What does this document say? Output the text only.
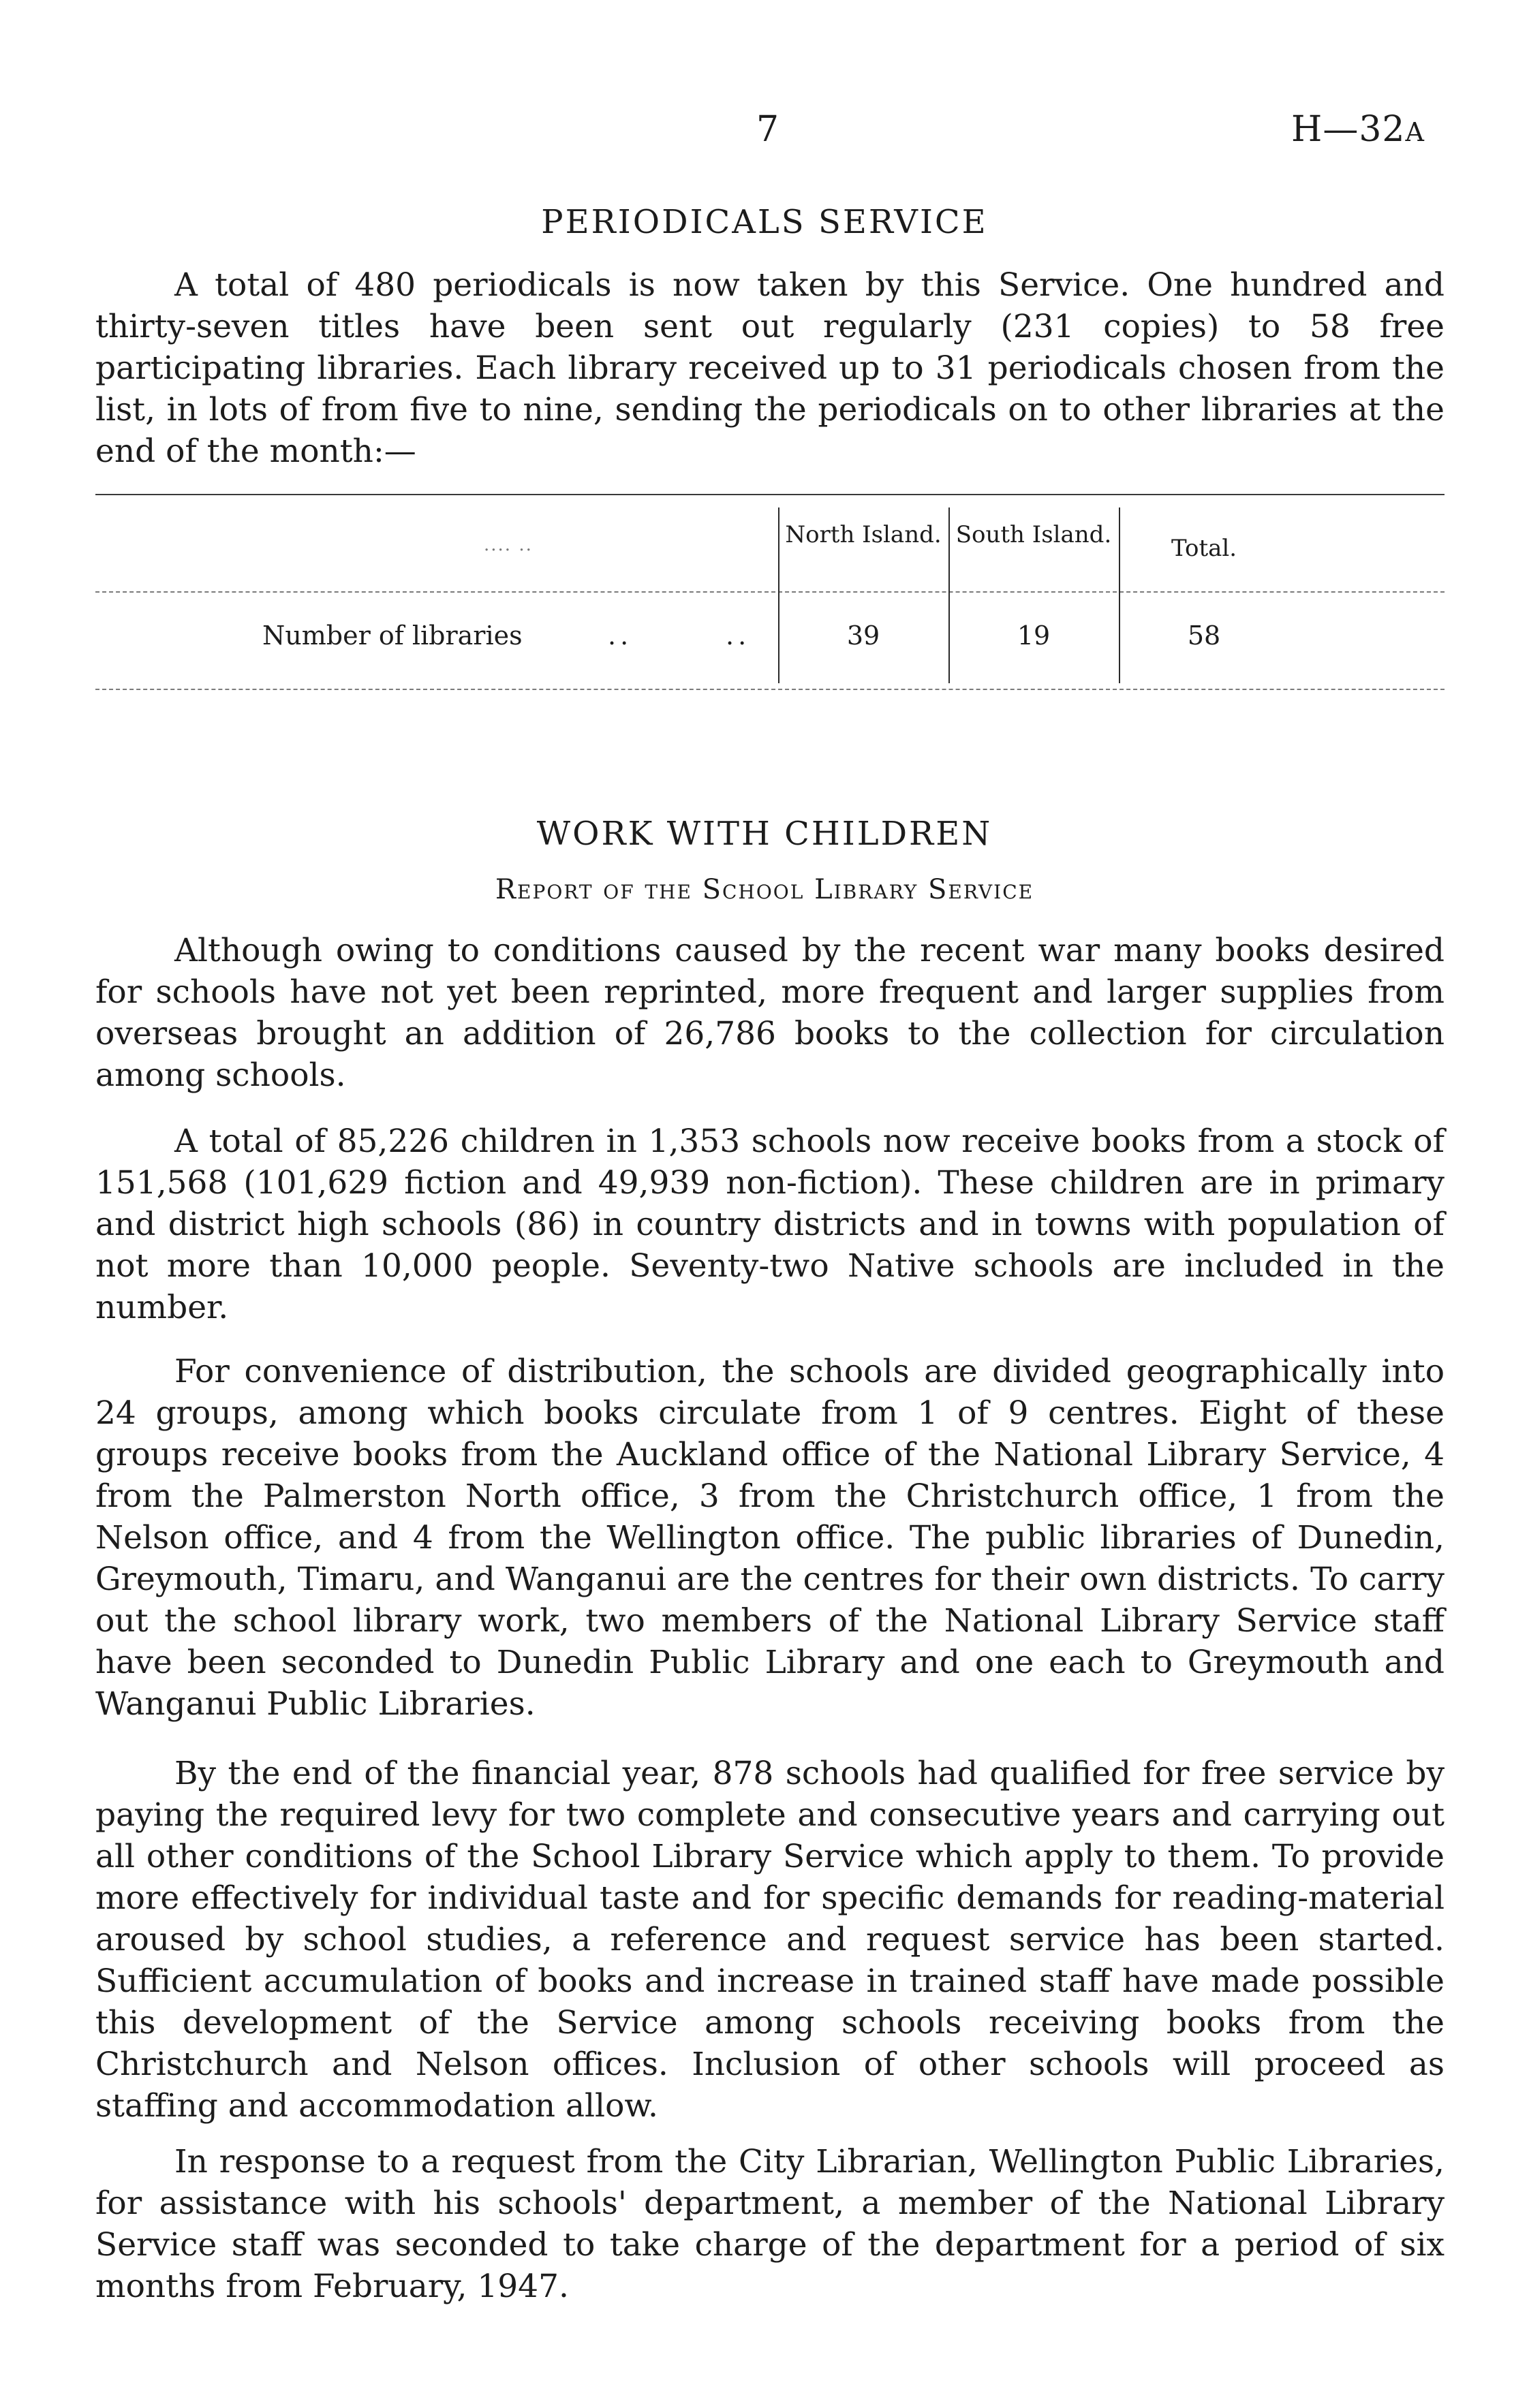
7	H—32A
PERIODICALS SERVICE

A total of 480 periodicals is now taken by this Service. One hundred and thirty-seven titles have been sent out regularly (231 copies) to 58 free participating libraries. Each library received up to 31 periodicals chosen from the list, in lots of from five to nine, sending the periodicals on to other libraries at the end of the month:—

.... ..	North Island. South Island.	Total.
Number of libraries	..	..	39	19	58
WORK WITH CHILDREN
Report of the School Library Service

Although owing to conditions caused by the recent war many books desired for schools have not yet been reprinted, more frequent and larger supplies from overseas brought an addition of 26,786 books to the collection for circulation among schools.

A total of 85,226 children in 1,353 schools now receive books from a stock of 151,568 (101,629 fiction and 49,939 non-fiction). These children are in primary and district high schools (86) in country districts and in towns with population of not more than 10,000 people. Seventy-two Native schools are included in the number.

For convenience of distribution, the schools are divided geographically into 24 groups, among which books circulate from 1 of 9 centres. Eight of these groups receive books from the Auckland office of the National Library Service, 4 from the Palmerston North office, 3 from the Christchurch office, 1 from the Nelson office, and 4 from the Wellington office. The public libraries of Dunedin, Greymouth, Timaru, and Wanganui are the centres for their own districts. To carry out the school library work, two members of the National Library Service staff have been seconded to Dunedin Public Library and one each to Greymouth and Wanganui Public Libraries.

By the end of the financial year, 878 schools had qualified for free service by paying the required levy for two complete and consecutive years and carrying out all other conditions of the School Library Service which apply to them. To provide more effectively for individual taste and for specific demands for reading-material aroused by school studies, a reference and request service has been started. Sufficient accumulation of books and increase in trained staff have made possible this development of the Service among schools receiving books from the Christchurch and Nelson offices. Inclusion of other schools will proceed as staffing and accommodation allow.

In response to a request from the City Librarian, Wellington Public Libraries, for assistance with his schools' department, a member of the National Library Service staff was seconded to take charge of the department for a period of six months from February, 1947.
